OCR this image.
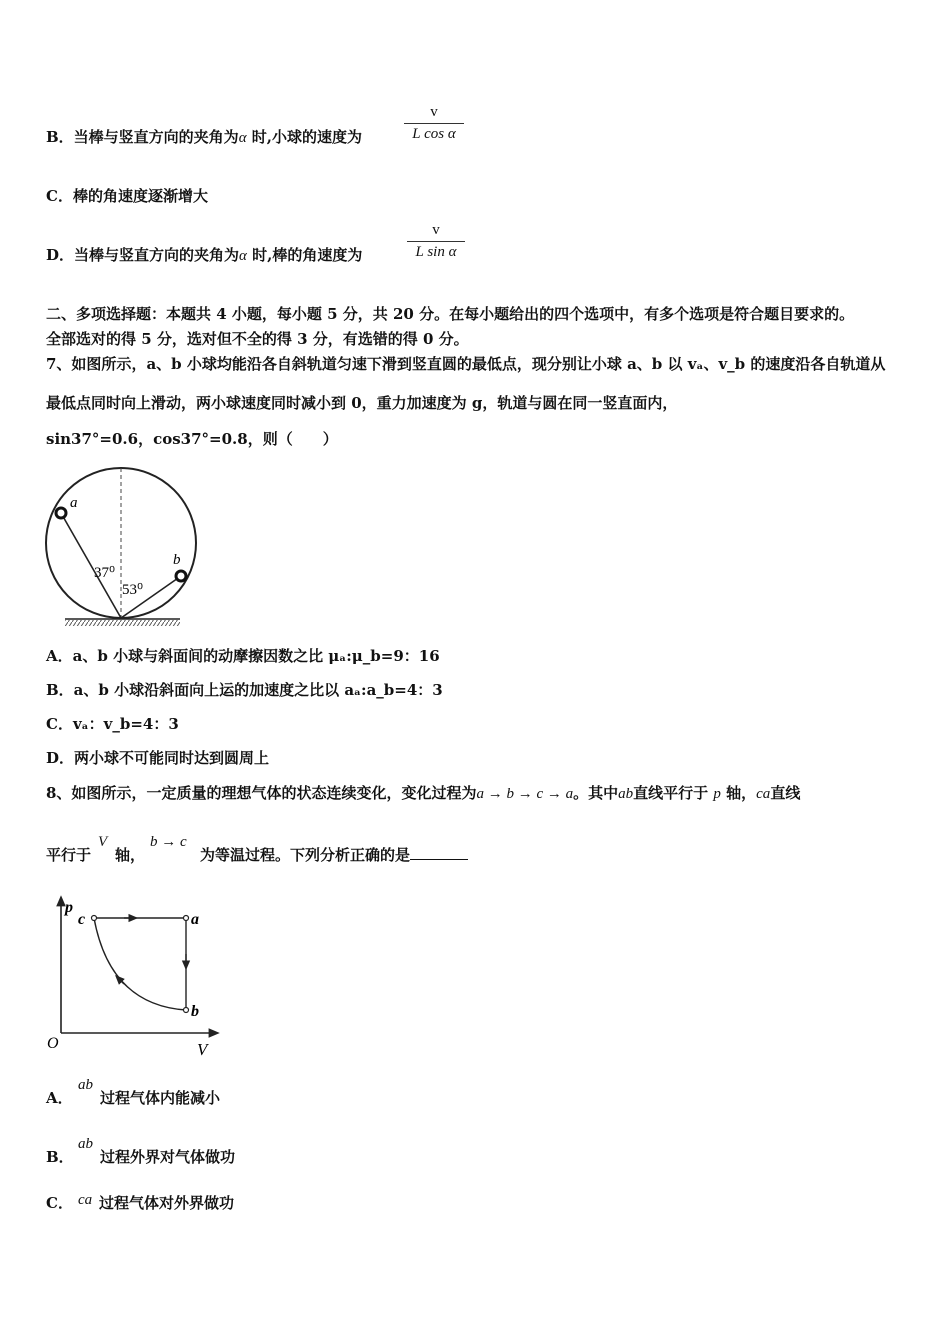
B．当棒与竖直方向的夹角为α 时,小球的速度为	$\frac{v}{\text{L cos α}}$
C．棒的角速度逐渐增大
D．当棒与竖直方向的夹角为α 时,棒的角速度为	$\frac{v}{\text{L sin α}}$
二、多项选择题：本题共 4 小题，每小题 5 分，共 20 分。在每小题给出的四个选项中，有多个选项是符合题目要求的。
全部选对的得 5 分，选对但不全的得 3 分，有选错的得 0 分。
7、如图所示，a、b 小球均能沿各自斜轨道匀速下滑到竖直圆的最低点，现分别让小球 a、b 以 vₐ、v_b 的速度沿各自轨道从
最低点同时向上滑动，两小球速度同时减小到 0，重力加速度为 g，轨道与圆在同一竖直面内，
sin37°=0.6，cos37°=0.8，则（　　）
a
b
37⁰
53⁰
A．a、b 小球与斜面间的动摩擦因数之比 μₐ:μ_b=9：16
B．a、b 小球沿斜面向上运的加速度之比以 aₐ:a_b=4：3
C．vₐ：v_b=4：3
D．两小球不可能同时达到圆周上
8、如图所示，一定质量的理想气体的状态连续变化，变化过程为a → b → c → a。其中ab直线平行于 p 轴，ca直线
平行于
V
轴，
b → c
为等温过程。下列分析正确的是
p
V
O
c	a
b
A．
ab
过程气体内能减小
B．
ab
过程外界对气体做功
C． ca 过程气体对外界做功
